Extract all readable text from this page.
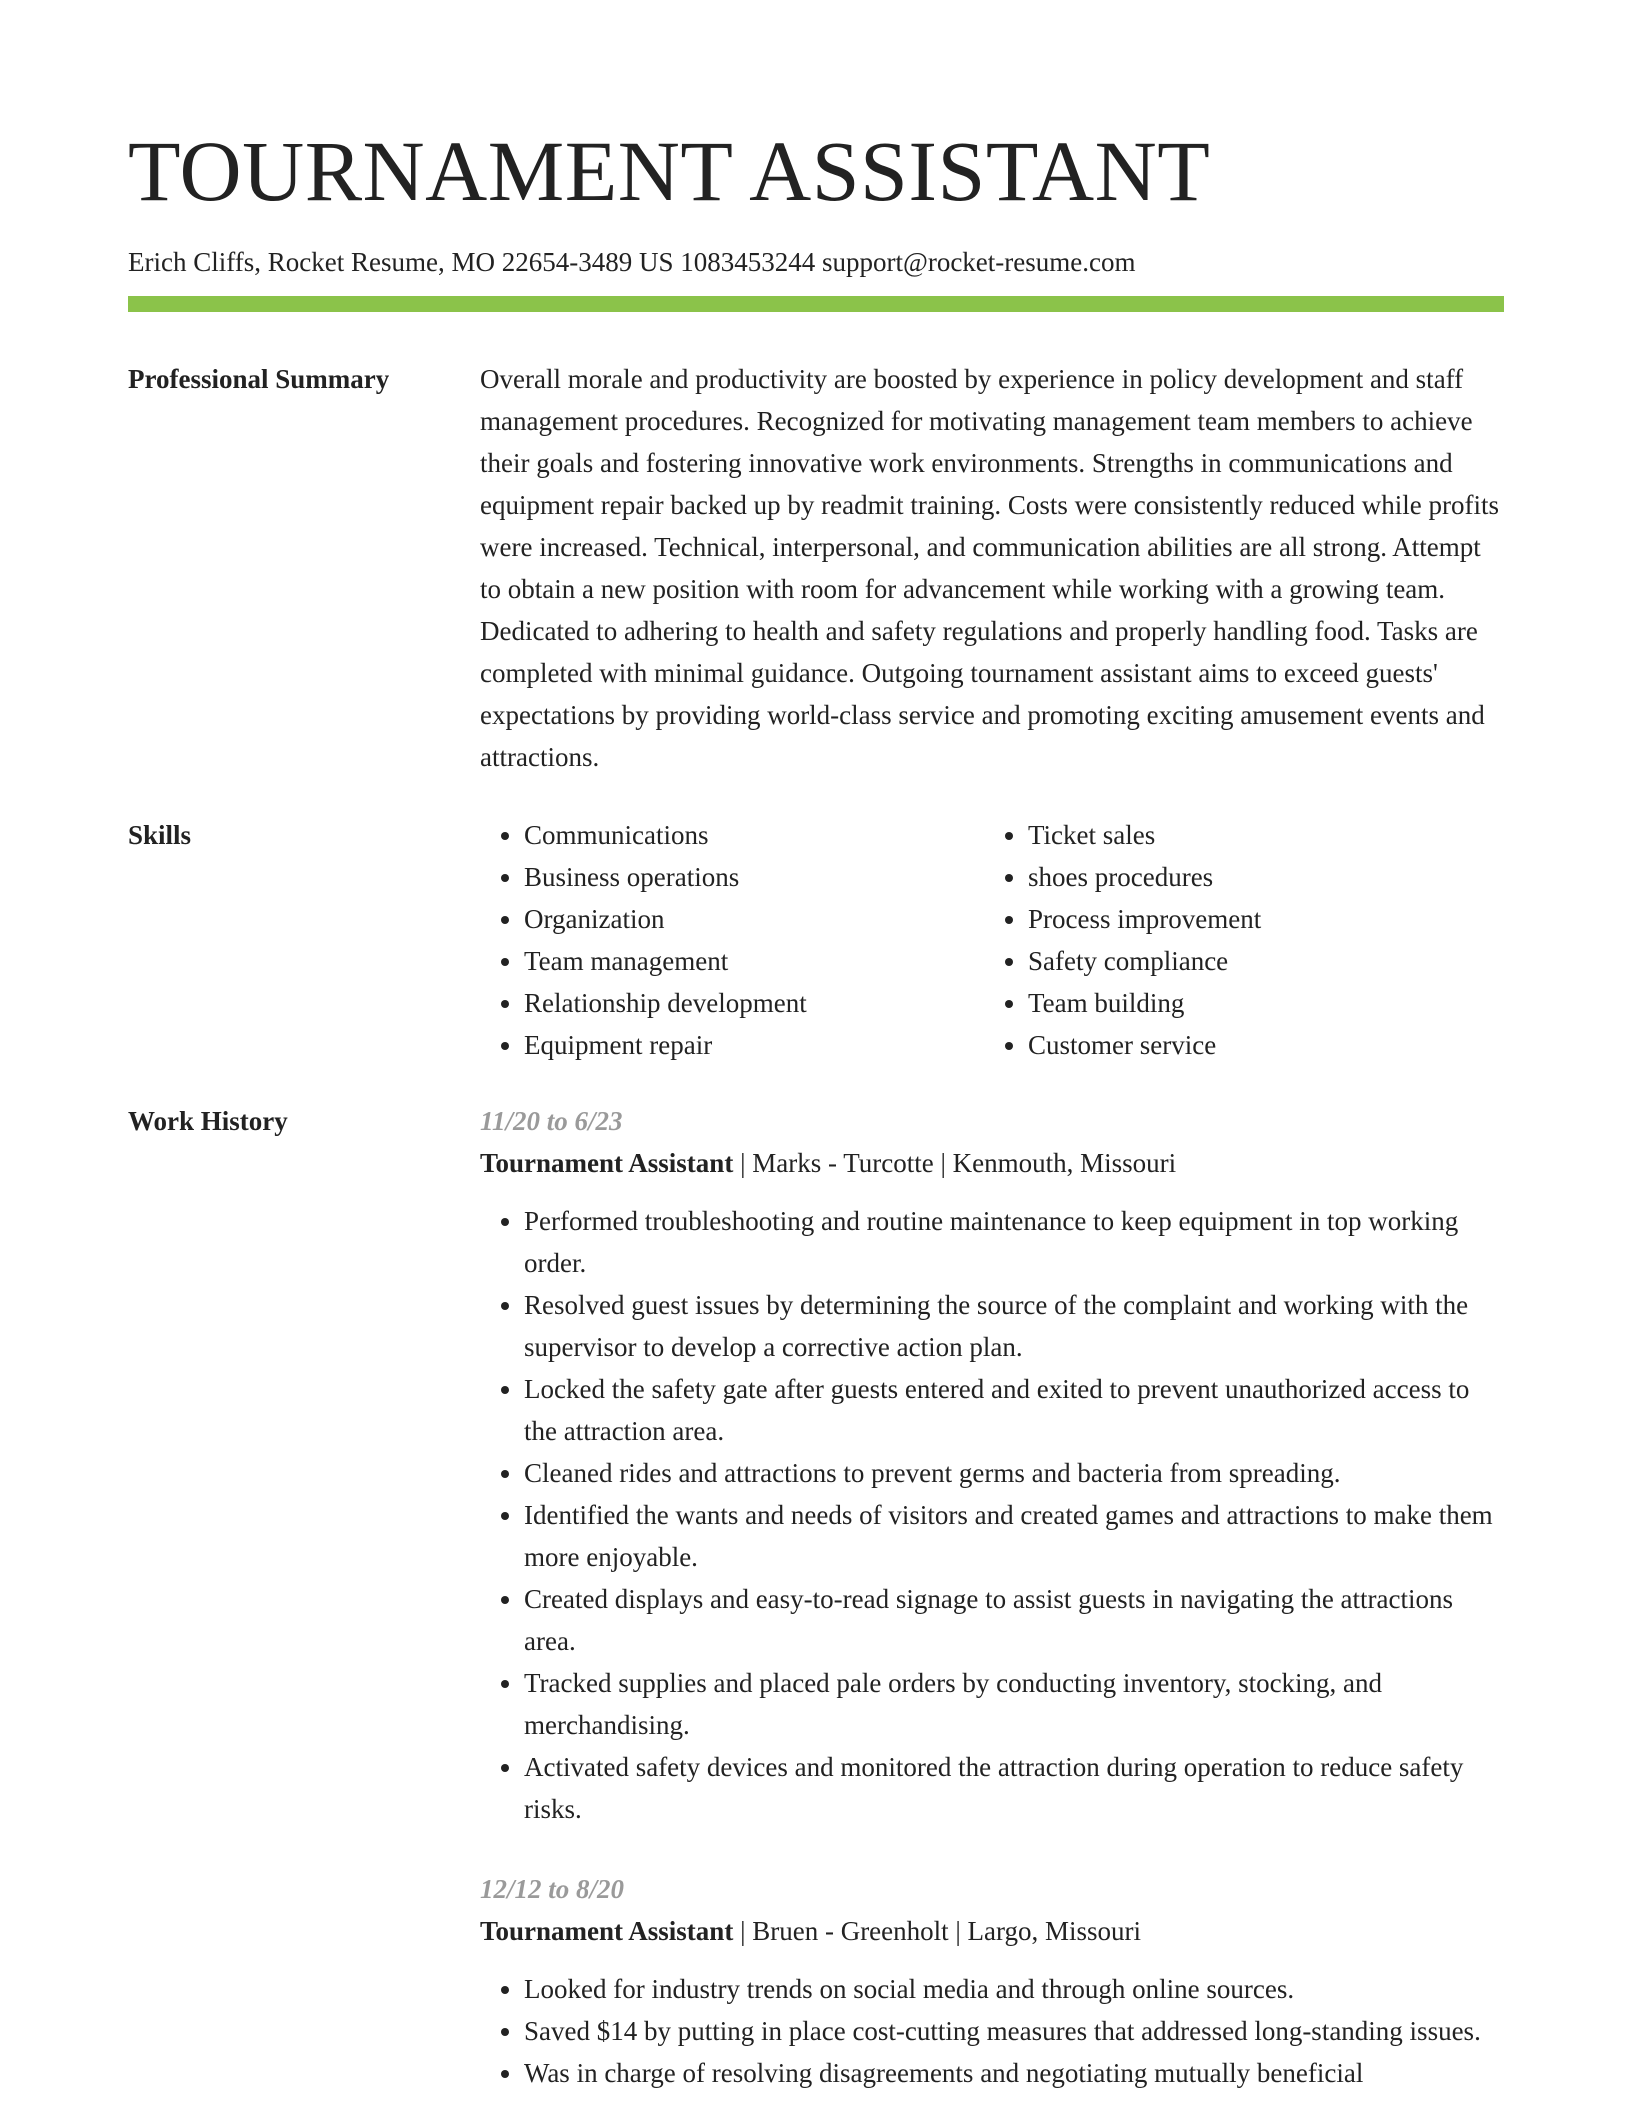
TOURNAMENT ASSISTANT
Erich Cliffs, Rocket Resume, MO 22654-3489 US 1083453244 support@rocket-resume.com
Professional Summary	Overall morale and productivity are boosted by experience in policy development and staff management procedures. Recognized for motivating management team members to achieve their goals and fostering innovative work environments. Strengths in communications and equipment repair backed up by readmit training. Costs were consistently reduced while profits were increased. Technical, interpersonal, and communication abilities are all strong. Attempt to obtain a new position with room for advancement while working with a growing team. Dedicated to adhering to health and safety regulations and properly handling food. Tasks are completed with minimal guidance. Outgoing tournament assistant aims to exceed guests' expectations by providing world-class service and promoting exciting amusement events and attractions.

Skills
•	Communications
• Business operations
• Organization
• Team management
• Relationship development
• Equipment repair
• Ticket sales
• shoes procedures
• Process improvement
• Safety compliance
• Team building
• Customer service
Work History	11/20 to 6/23
Tournament Assistant | Marks - Turcotte | Kenmouth, Missouri
• Performed troubleshooting and routine maintenance to keep equipment in top working order.
• Resolved guest issues by determining the source of the complaint and working with the supervisor to develop a corrective action plan.
• Locked the safety gate after guests entered and exited to prevent unauthorized access to the attraction area.
• Cleaned rides and attractions to prevent germs and bacteria from spreading.
• Identified the wants and needs of visitors and created games and attractions to make them more enjoyable.
• Created displays and easy-to-read signage to assist guests in navigating the attractions area.
• Tracked supplies and placed pale orders by conducting inventory, stocking, and merchandising.
• Activated safety devices and monitored the attraction during operation to reduce safety risks.
12/12 to 8/20
Tournament Assistant | Bruen - Greenholt | Largo, Missouri
• Looked for industry trends on social media and through online sources.
• Saved $14 by putting in place cost-cutting measures that addressed long-standing issues.
• Was in charge of resolving disagreements and negotiating mutually beneficial
